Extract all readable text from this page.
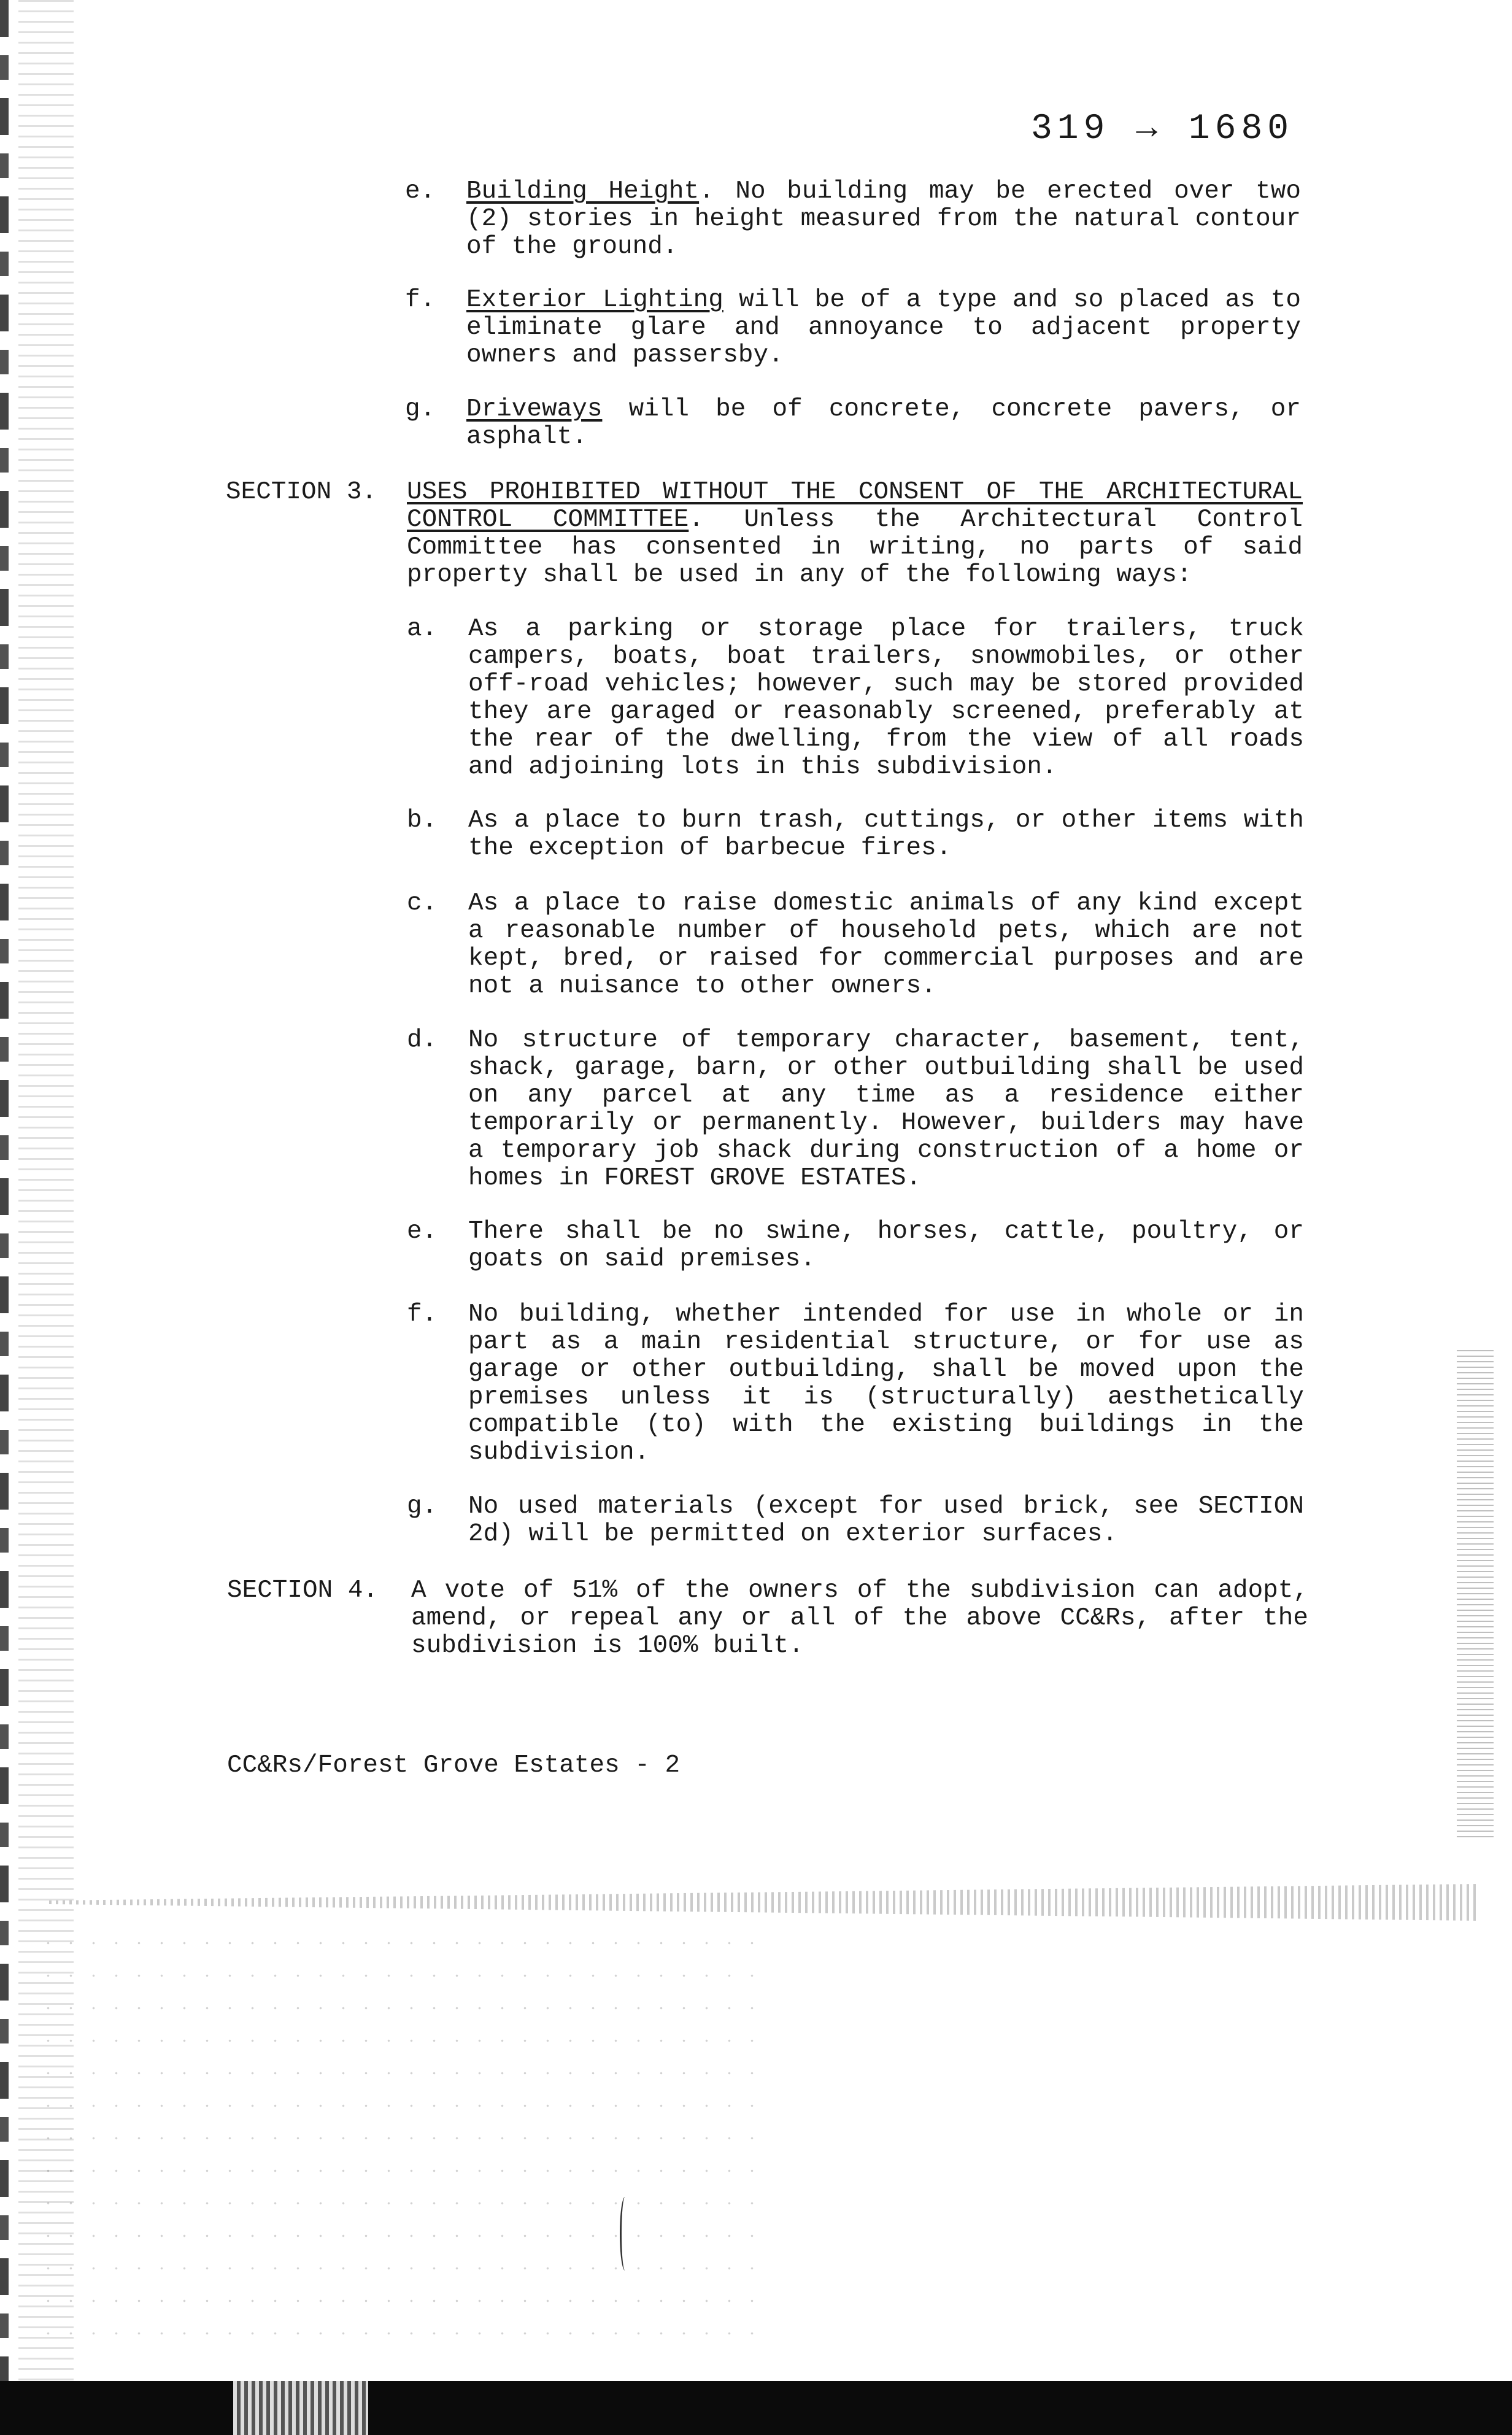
319 → 1680
e. Building Height. No building may be erected over two (2) stories in height measured from the natural contour of the ground.
f. Exterior Lighting will be of a type and so placed as to eliminate glare and annoyance to adjacent property owners and passersby.
g. Driveways will be of concrete, concrete pavers, or asphalt.
SECTION 3. USES PROHIBITED WITHOUT THE CONSENT OF THE ARCHITECTURAL CONTROL COMMITTEE. Unless the Architectural Control Committee has consented in writing, no parts of said property shall be used in any of the following ways:
a. As a parking or storage place for trailers, truck campers, boats, boat trailers, snowmobiles, or other off-road vehicles; however, such may be stored provided they are garaged or reasonably screened, preferably at the rear of the dwelling, from the view of all roads and adjoining lots in this subdivision.
b. As a place to burn trash, cuttings, or other items with the exception of barbecue fires.
c. As a place to raise domestic animals of any kind except a reasonable number of household pets, which are not kept, bred, or raised for commercial purposes and are not a nuisance to other owners.
d. No structure of temporary character, basement, tent, shack, garage, barn, or other outbuilding shall be used on any parcel at any time as a residence either temporarily or permanently. However, builders may have a temporary job shack during construction of a home or homes in FOREST GROVE ESTATES.
e. There shall be no swine, horses, cattle, poultry, or goats on said premises.
f. No building, whether intended for use in whole or in part as a main residential structure, or for use as garage or other outbuilding, shall be moved upon the premises unless it is (structurally) aesthetically compatible (to) with the existing buildings in the subdivision.
g. No used materials (except for used brick, see SECTION 2d) will be permitted on exterior surfaces.
SECTION 4. A vote of 51% of the owners of the subdivision can adopt, amend, or repeal any or all of the above CC&Rs, after the subdivision is 100% built.
CC&Rs/Forest Grove Estates - 2
